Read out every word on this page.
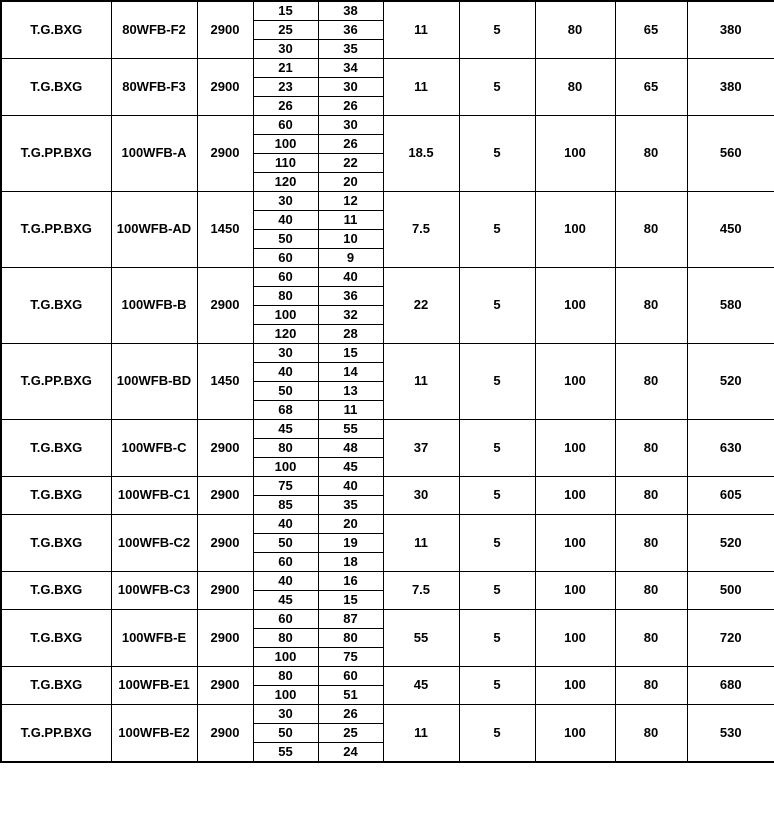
T.G.BXG	80WFB-F2	2900	
15	38
25	36
30	35
	11	5	80	65	380
T.G.BXG	80WFB-F3	2900	
21	34
23	30
26	26
	11	5	80	65	380
T.G.PP.BXG	100WFB-A	2900	
60	30
100	26
110	22
120	20
	18.5	5	100	80	560
T.G.PP.BXG	100WFB-AD	1450	
30	12
40	11
50	10
60	9
	7.5	5	100	80	450
T.G.BXG	100WFB-B	2900	
60	40
80	36
100	32
120	28
	22	5	100	80	580
T.G.PP.BXG	100WFB-BD	1450	
30	15
40	14
50	13
68	11
	11	5	100	80	520
T.G.BXG	100WFB-C	2900	
45	55
80	48
100	45
	37	5	100	80	630
T.G.BXG	100WFB-C1	2900	
75	40
85	35
	30	5	100	80	605
T.G.BXG	100WFB-C2	2900	
40	20
50	19
60	18
	11	5	100	80	520
T.G.BXG	100WFB-C3	2900	
40	16
45	15
	7.5	5	100	80	500
T.G.BXG	100WFB-E	2900	
60	87
80	80
100	75
	55	5	100	80	720
T.G.BXG	100WFB-E1	2900	
80	60
100	51
	45	5	100	80	680
T.G.PP.BXG	100WFB-E2	2900	
30	26
50	25
55	24
	11	5	100	80	530
